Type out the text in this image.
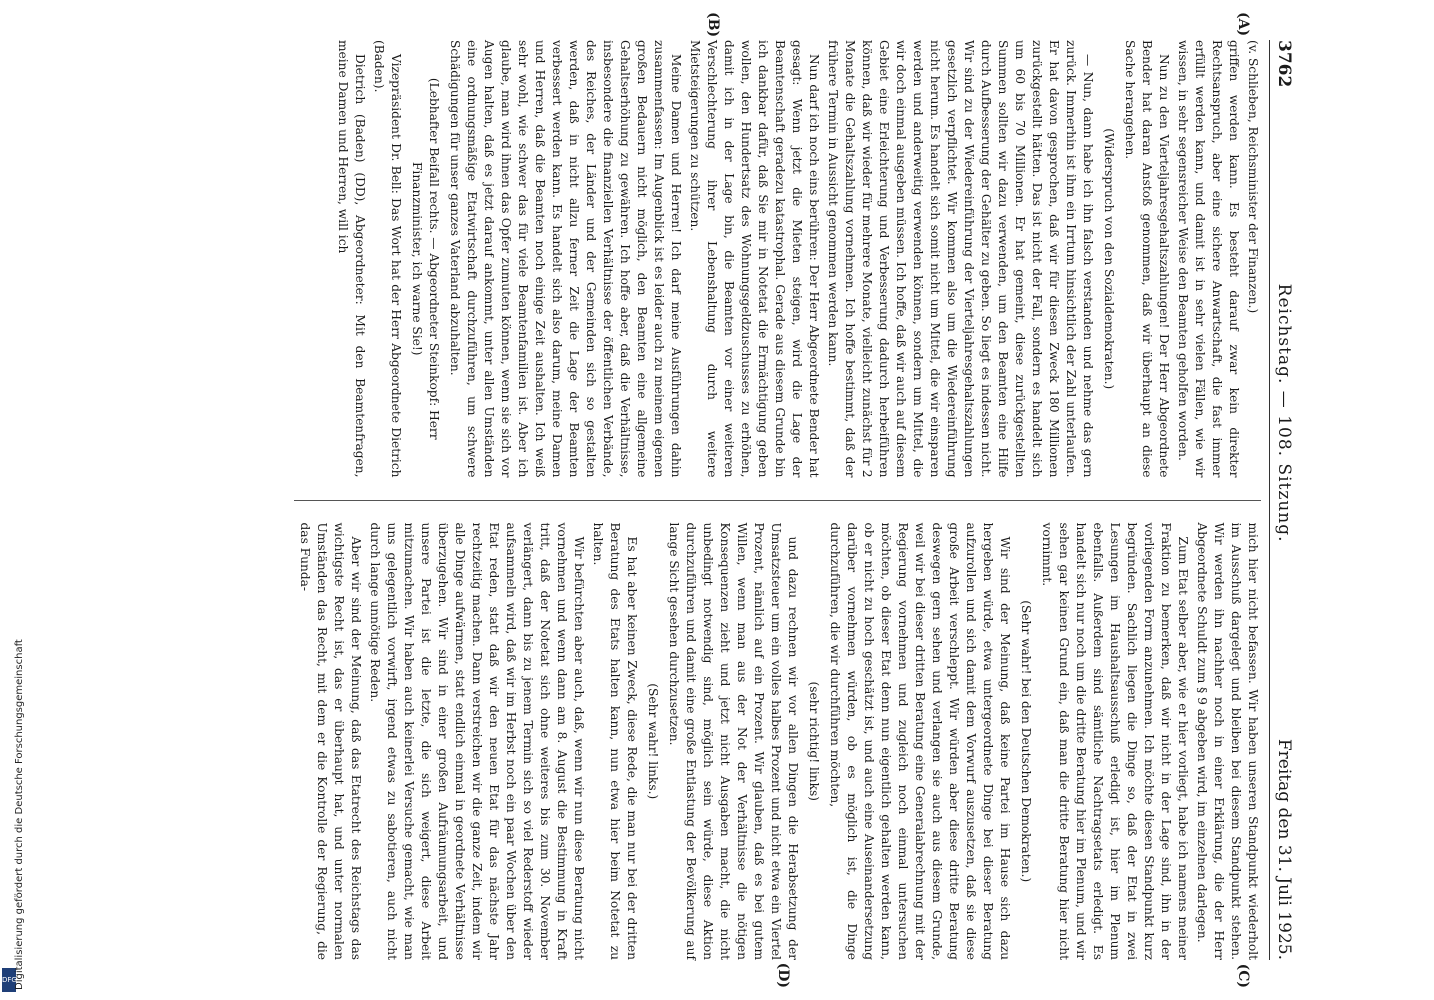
3762
Reichstag. — 108. Sitzung.
Freitag den 31. Juli 1925.
(A)
(B)
(C)
(D)

(v. Schlieben, Reichsminister der Finanzen.)

griffen werden kann. Es besteht darauf zwar kein direkter Rechtsanspruch, aber eine sichere Anwartschaft, die fast immer erfüllt werden kann, und damit ist in sehr vielen Fällen, wie wir wissen, in sehr segensreicher Weise den Beamten geholfen worden.

Nun zu den Vierteljahresgehaltszahlungen! Der Herr Abgeordnete Bender hat daran Anstoß genommen, daß wir überhaupt an diese Sache herangehen.

(Widerspruch von den Sozialdemokraten.)

— Nun, dann habe ich ihn falsch verstanden und nehme das gern zurück. Immerhin ist ihm ein Irrtum hinsichtlich der Zahl unterlaufen. Er hat davon gesprochen, daß wir für diesen Zweck 180 Millionen zurückgestellt hätten. Das ist nicht der Fall, sondern es handelt sich um 60 bis 70 Millionen. Er hat gemeint, diese zurückgestellten Summen sollten wir dazu verwenden, um den Beamten eine Hilfe durch Aufbesserung der Gehälter zu geben. So liegt es indessen nicht. Wir sind zu der Wiedereinführung der Vierteljahresgehaltszahlungen gesetzlich verpflichtet. Wir kommen also um die Wiedereinführung nicht herum. Es handelt sich somit nicht um Mittel, die wir einsparen werden und anderweitig verwenden können, sondern um Mittel, die wir doch einmal ausgeben müssen. Ich hoffe, daß wir auch auf diesem Gebiet eine Erleichterung und Verbesserung dadurch herbeiführen können, daß wir wieder für mehrere Monate, vielleicht zunächst für 2 Monate die Gehaltszahlung vornehmen. Ich hoffe bestimmt, daß der frühere Termin in Aussicht genommen werden kann.

Nun darf ich noch eins berühren: Der Herr Abgeordnete Bender hat gesagt: Wenn jetzt die Mieten steigen, wird die Lage der Beamtenschaft geradezu katastrophal. Gerade aus diesem Grunde bin ich dankbar dafür, daß Sie mir in Notetat die Ermächtigung geben wollen, den Hundertsatz des Wohnungsgeldzuschusses zu erhöhen, damit ich in der Lage bin, die Beamten vor einer weiteren Verschlechterung ihrer Lebenshaltung durch weitere Mietsteigerungen zu schützen.

Meine Damen und Herren! Ich darf meine Ausführungen dahin zusammenfassen: Im Augenblick ist es leider auch zu meinem eigenen großen Bedauern nicht möglich, den Beamten eine allgemeine Gehaltserhöhung zu gewähren. Ich hoffe aber, daß die Verhältnisse, insbesondere die finanziellen Verhältnisse der öffentlichen Verbände, des Reiches, der Länder und der Gemeinden sich so gestalten werden, daß in nicht allzu ferner Zeit die Lage der Beamten verbessert werden kann. Es handelt sich also darum, meine Damen und Herren, daß die Beamten noch einige Zeit aushalten. Ich weiß sehr wohl, wie schwer das für viele Beamtenfamilien ist. Aber ich glaube, man wird ihnen das Opfer zumuten können, wenn sie sich vor Augen halten, daß es jetzt darauf ankommt, unter allen Umständen eine ordnungsmäßige Etatwirtschaft durchzuführen, um schwere Schädigungen für unser ganzes Vaterland abzuhalten.

(Lebhafter Beifall rechts. — Abgeordneter Steinkopf: Herr Finanzminister, ich warne Sie!)

Vizepräsident Dr. Bell: Das Wort hat der Herr Abgeordnete Dietrich (Baden).

Dietrich (Baden) (DD), Abgeordneter: Mit den Beamtenfragen, meine Damen und Herren, will ich

mich hier nicht befassen. Wir haben unseren Standpunkt wiederholt im Ausschuß dargelegt und bleiben bei diesem Standpunkt stehen. Wir werden ihn nachher noch in einer Erklärung, die der Herr Abgeordnete Schuldt zum § 9 abgeben wird, im einzelnen darlegen.

Zum Etat selber aber, wie er hier vorliegt, habe ich namens meiner Fraktion zu bemerken, daß wir nicht in der Lage sind, ihn in der vorliegenden Form anzunehmen. Ich möchte diesen Standpunkt kurz begründen. Sachlich liegen die Dinge so, daß der Etat in zwei Lesungen im Haushaltsausschuß erledigt ist, hier im Plenum ebenfalls. Außerdem sind sämtliche Nachtragsetats erledigt. Es handelt sich nur noch um die dritte Beratung hier im Plenum, und wir sehen gar keinen Grund ein, daß man die dritte Beratung hier nicht vornimmt.

(Sehr wahr! bei den Deutschen Demokraten.)

Wir sind der Meinung, daß keine Partei im Hause sich dazu hergeben würde, etwa untergeordnete Dinge bei dieser Beratung aufzurollen und sich damit dem Vorwurf auszusetzen, daß sie diese große Arbeit verschleppt. Wir würden aber diese dritte Beratung deswegen gern sehen und verlangen sie auch aus diesem Grunde, weil wir bei dieser dritten Beratung eine Generalabrechnung mit der Regierung vornehmen und zugleich noch einmal untersuchen möchten, ob dieser Etat denn nun eigentlich gehalten werden kann, ob er nicht zu hoch geschätzt ist, und auch eine Auseinandersetzung darüber vornehmen würden, ob es möglich ist, die Dinge durchzuführen, die wir durchführen möchten,

(sehr richtig! links)

und dazu rechnen wir vor allen Dingen die Herabsetzung der Umsatzsteuer um ein volles halbes Prozent und nicht etwa ein Viertel Prozent, nämlich auf ein Prozent. Wir glauben, daß es bei gutem Willen, wenn man aus der Not der Verhältnisse die nötigen Konsequenzen zieht und jetzt nicht Ausgaben macht, die nicht unbedingt notwendig sind, möglich sein würde, diese Aktion durchzuführen und damit eine große Entlastung der Bevölkerung auf lange Sicht gesehen durchzusetzen.

(Sehr wahr! links.)

Es hat aber keinen Zweck, diese Rede, die man nur bei der dritten Beratung des Etats halten kann, nun etwa hier beim Notetat zu halten.

Wir befürchten aber auch, daß, wenn wir nun diese Beratung nicht vornehmen und wenn dann am 8. August die Bestimmung in Kraft tritt, daß der Notetat sich ohne weiteres bis zum 30. November verlängert, dann bis zu jenem Termin sich so viel Rederstoff wieder aufsammeln wird, daß wir im Herbst noch ein paar Wochen über den Etat reden, statt daß wir den neuen Etat für das nächste Jahr rechtzeitig machen. Dann verstreichen wir die ganze Zeit, indem wir alle Dinge aufwärmen, statt endlich einmal in geordnete Verhältnisse überzugehen. Wir sind in einer großen Aufräumungsarbeit, und unsere Partei ist die letzte, die sich weigert, diese Arbeit mitzumachen. Wir haben auch keinerlei Versuche gemacht, wie man uns gelegentlich vorwirft, irgend etwas zu sabotieren, auch nicht durch lange unnötige Reden.

Aber wir sind der Meinung, daß das Etatrecht des Reichstags das wichtigste Recht ist, das er überhaupt hat, und unter normalen Umständen das Recht, mit dem er die Kontrolle der Regierung, die das Funda-

DFG
Digitalisierung gefördert durch die Deutsche Forschungsgemeinschaft
